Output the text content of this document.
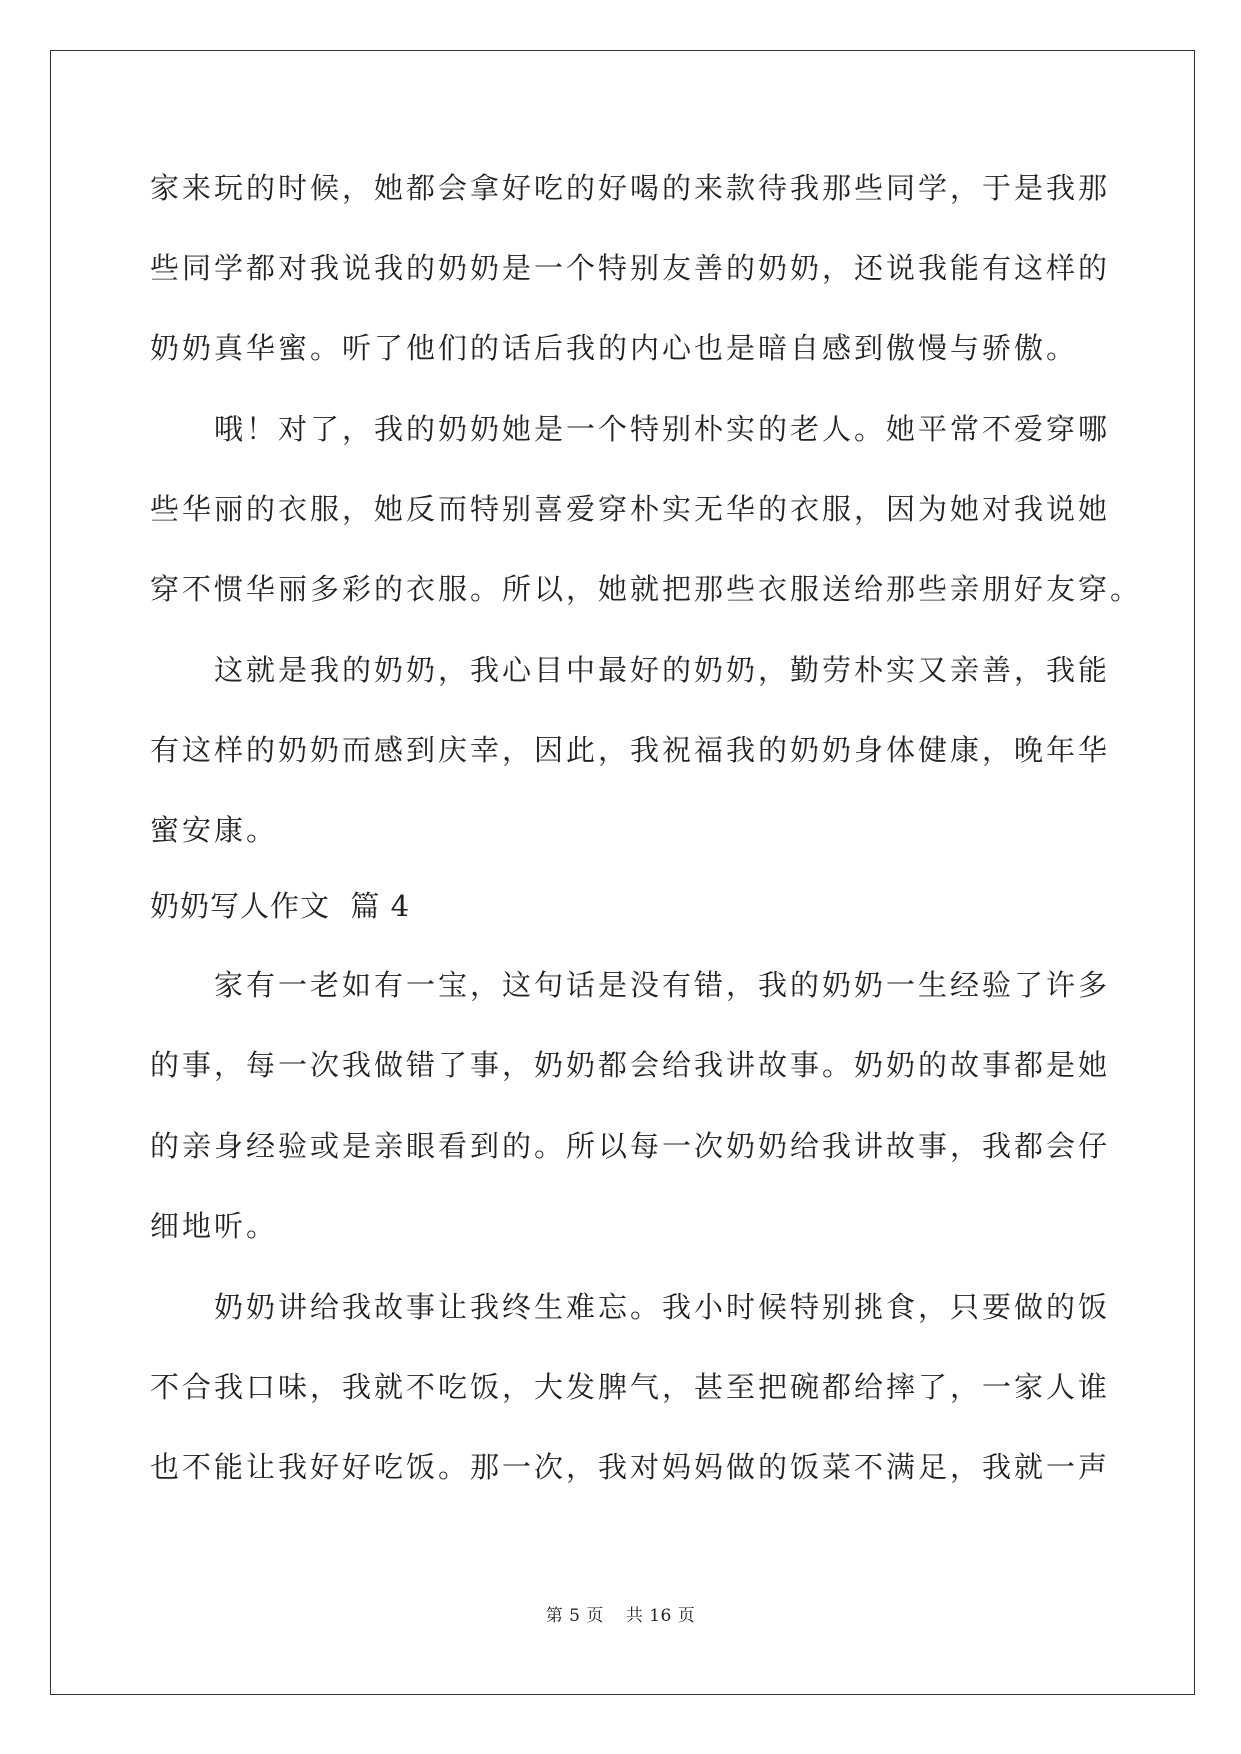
家来玩的时候，她都会拿好吃的好喝的来款待我那些同学，于是我那
些同学都对我说我的奶奶是一个特别友善的奶奶，还说我能有这样的
奶奶真华蜜。听了他们的话后我的内心也是暗自感到傲慢与骄傲。
哦！对了，我的奶奶她是一个特别朴实的老人。她平常不爱穿哪
些华丽的衣服，她反而特别喜爱穿朴实无华的衣服，因为她对我说她
穿不惯华丽多彩的衣服。所以，她就把那些衣服送给那些亲朋好友穿。
这就是我的奶奶，我心目中最好的奶奶，勤劳朴实又亲善，我能
有这样的奶奶而感到庆幸，因此，我祝福我的奶奶身体健康，晚年华
蜜安康。
奶奶写人作文  篇 4
家有一老如有一宝，这句话是没有错，我的奶奶一生经验了许多
的事，每一次我做错了事，奶奶都会给我讲故事。奶奶的故事都是她
的亲身经验或是亲眼看到的。所以每一次奶奶给我讲故事，我都会仔
细地听。
奶奶讲给我故事让我终生难忘。我小时候特别挑食，只要做的饭
不合我口味，我就不吃饭，大发脾气，甚至把碗都给摔了，一家人谁
也不能让我好好吃饭。那一次，我对妈妈做的饭菜不满足，我就一声
第 5 页 共 16 页
